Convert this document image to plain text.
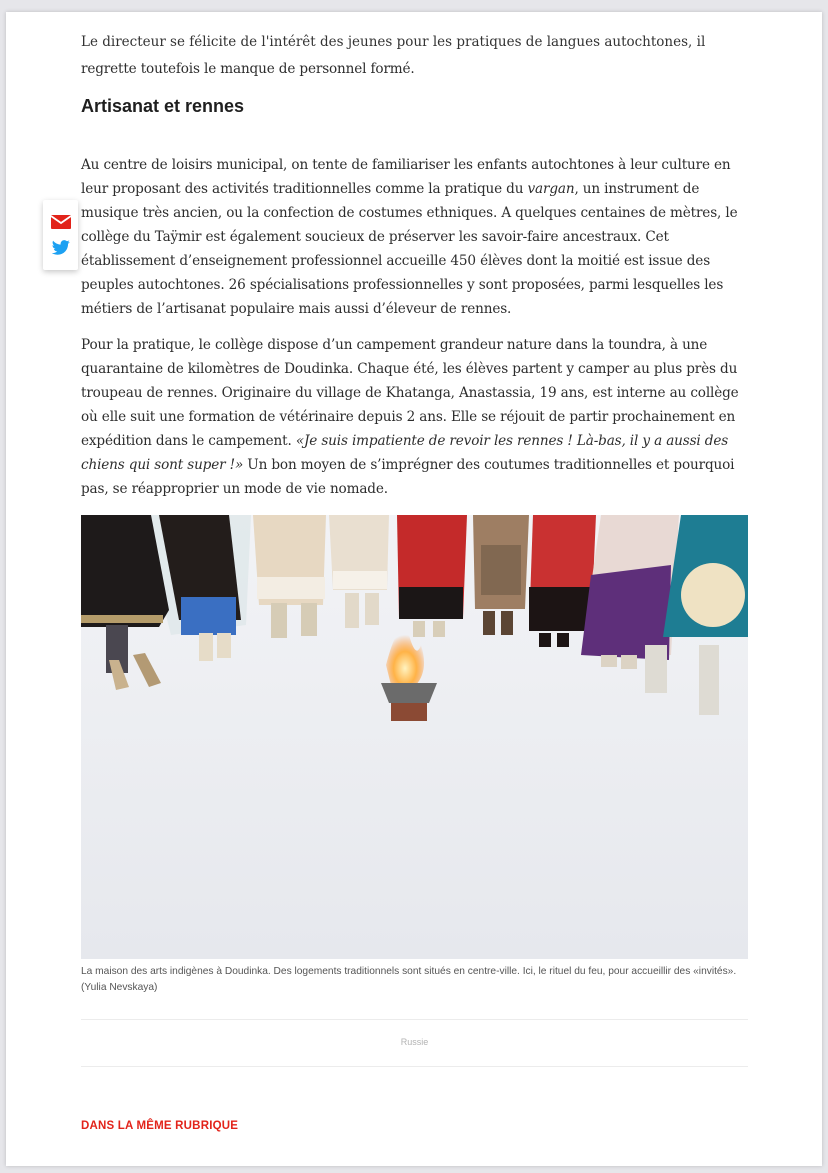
Le directeur se félicite de l'intérêt des jeunes pour les pratiques de langues autochtones, il

regrette toutefois le manque de personnel formé.

Artisanat et rennes

Au centre de loisirs municipal, on tente de familiariser les enfants autochtones à leur culture en leur proposant des activités traditionnelles comme la pratique du vargan, un instrument de musique très ancien, ou la confection de costumes ethniques. A quelques centaines de mètres, le collège du Taÿmir est également soucieux de préserver les savoir-faire ancestraux. Cet établissement d’enseignement professionnel accueille 450 élèves dont la moitié est issue des peuples autochtones. 26 spécialisations professionnelles y sont proposées, parmi lesquelles les métiers de l’artisanat populaire mais aussi d’éleveur de rennes.

Pour la pratique, le collège dispose d’un campement grandeur nature dans la toundra, à une quarantaine de kilomètres de Doudinka. Chaque été, les élèves partent y camper au plus près du troupeau de rennes. Originaire du village de Khatanga, Anastassia, 19 ans, est interne au collège où elle suit une formation de vétérinaire depuis 2 ans. Elle se réjouit de partir prochainement en expédition dans le campement. «Je suis impatiente de revoir les rennes ! Là-bas, il y a aussi des chiens qui sont super !» Un bon moyen de s’imprégner des coutumes traditionnelles et pourquoi pas, se réapproprier un mode de vie nomade.

La maison des arts indigènes à Doudinka. Des logements traditionnels sont situés en centre-ville. Ici, le rituel du feu, pour accueillir des «invités». (Yulia Nevskaya)

Russie
DANS LA MÊME RUBRIQUE
